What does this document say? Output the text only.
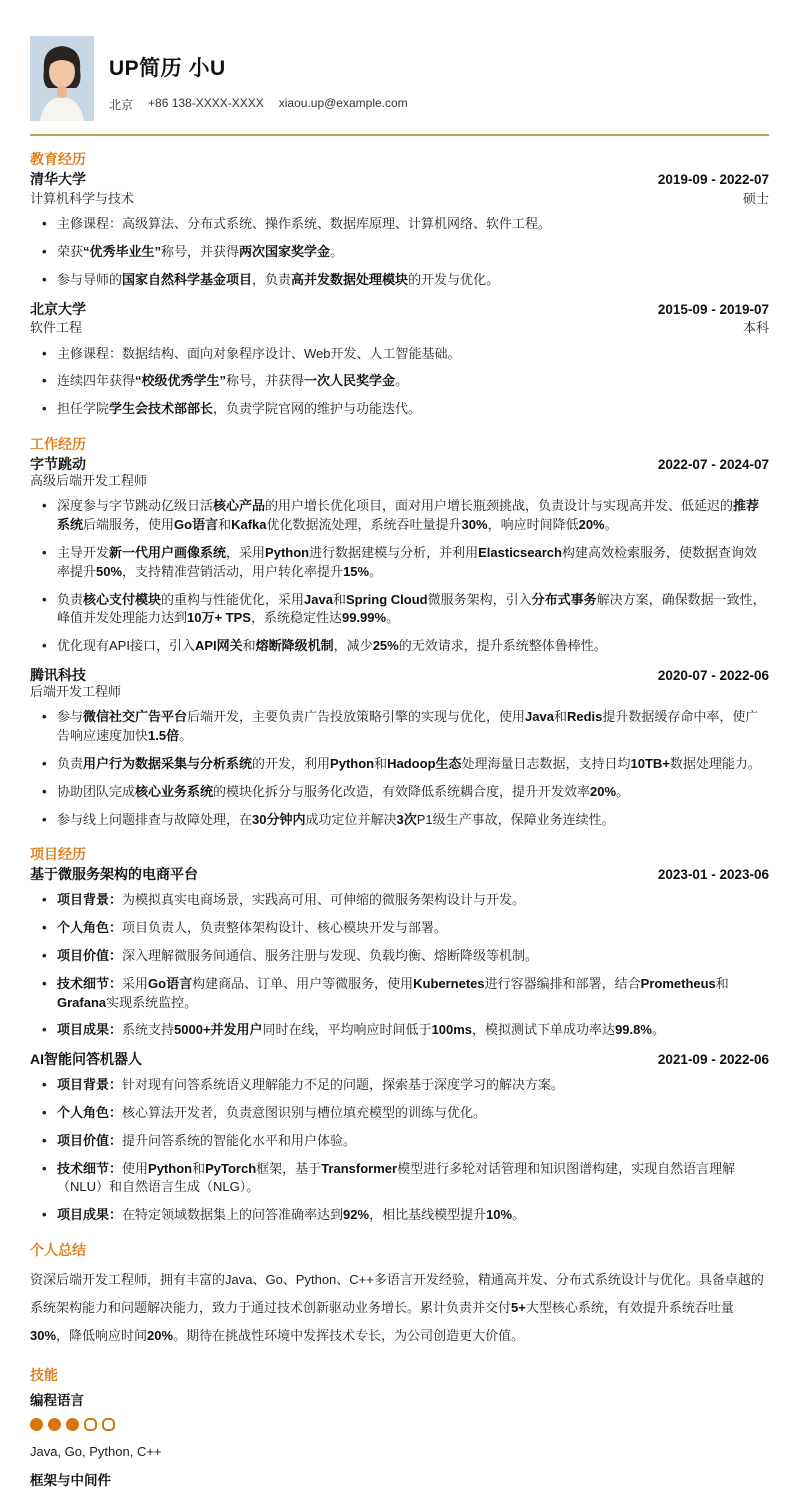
UP简历 小U
北京 +86 138-XXXX-XXXX xiaou.up@example.com
教育经历
清华大学	2019-09 - 2022-07
计算机科学与技术	硕士
• 主修课程：高级算法、分布式系统、操作系统、数据库原理、计算机网络、软件工程。
• 荣获“优秀毕业生”称号，并获得两次国家奖学金。
• 参与导师的国家自然科学基金项目，负责高并发数据处理模块的开发与优化。
北京大学	2015-09 - 2019-07
软件工程	本科
• 主修课程：数据结构、面向对象程序设计、Web开发、人工智能基础。
• 连续四年获得“校级优秀学生”称号，并获得一次人民奖学金。
• 担任学院学生会技术部部长，负责学院官网的维护与功能迭代。
工作经历
字节跳动	2022-07 - 2024-07
高级后端开发工程师
• 深度参与字节跳动亿级日活核心产品的用户增长优化项目，面对用户增长瓶颈挑战，负责设计与实现高并发、低延迟的推荐系统后端服务，使用Go语言和Kafka优化数据流处理，系统吞吐量提升30%，响应时间降低20%。
• 主导开发新一代用户画像系统，采用Python进行数据建模与分析，并利用Elasticsearch构建高效检索服务，使数据查询效率提升50%，支持精准营销活动，用户转化率提升15%。
• 负责核心支付模块的重构与性能优化，采用Java和Spring Cloud微服务架构，引入分布式事务解决方案，确保数据一致性，峰值并发处理能力达到10万+ TPS，系统稳定性达99.99%。
• 优化现有API接口，引入API网关和熔断降级机制，减少25%的无效请求，提升系统整体鲁棒性。
腾讯科技	2020-07 - 2022-06
后端开发工程师
• 参与微信社交广告平台后端开发，主要负责广告投放策略引擎的实现与优化，使用Java和Redis提升数据缓存命中率，使广告响应速度加快1.5倍。
• 负责用户行为数据采集与分析系统的开发，利用Python和Hadoop生态处理海量日志数据，支持日均10TB+数据处理能力。
• 协助团队完成核心业务系统的模块化拆分与服务化改造，有效降低系统耦合度，提升开发效率20%。
• 参与线上问题排查与故障处理，在30分钟内成功定位并解决3次P1级生产事故，保障业务连续性。
项目经历
基于微服务架构的电商平台	2023-01 - 2023-06
• 项目背景：为模拟真实电商场景，实践高可用、可伸缩的微服务架构设计与开发。
• 个人角色：项目负责人，负责整体架构设计、核心模块开发与部署。
• 项目价值：深入理解微服务间通信、服务注册与发现、负载均衡、熔断降级等机制。
• 技术细节：采用Go语言构建商品、订单、用户等微服务，使用Kubernetes进行容器编排和部署，结合Prometheus和Grafana实现系统监控。
• 项目成果：系统支持5000+并发用户同时在线，平均响应时间低于100ms，模拟测试下单成功率达99.8%。
AI智能问答机器人	2021-09 - 2022-06
• 项目背景：针对现有问答系统语义理解能力不足的问题，探索基于深度学习的解决方案。
• 个人角色：核心算法开发者，负责意图识别与槽位填充模型的训练与优化。
• 项目价值：提升问答系统的智能化水平和用户体验。
• 技术细节：使用Python和PyTorch框架，基于Transformer模型进行多轮对话管理和知识图谱构建，实现自然语言理解（NLU）和自然语言生成（NLG）。
• 项目成果：在特定领域数据集上的问答准确率达到92%，相比基线模型提升10%。
个人总结

资深后端开发工程师，拥有丰富的Java、Go、Python、C++多语言开发经验，精通高并发、分布式系统设计与优化。具备卓越的系统架构能力和问题解决能力，致力于通过技术创新驱动业务增长。累计负责并交付5+大型核心系统，有效提升系统吞吐量30%，降低响应时间20%。期待在挑战性环境中发挥技术专长，为公司创造更大价值。

技能
编程语言
Java, Go, Python, C++
框架与中间件
